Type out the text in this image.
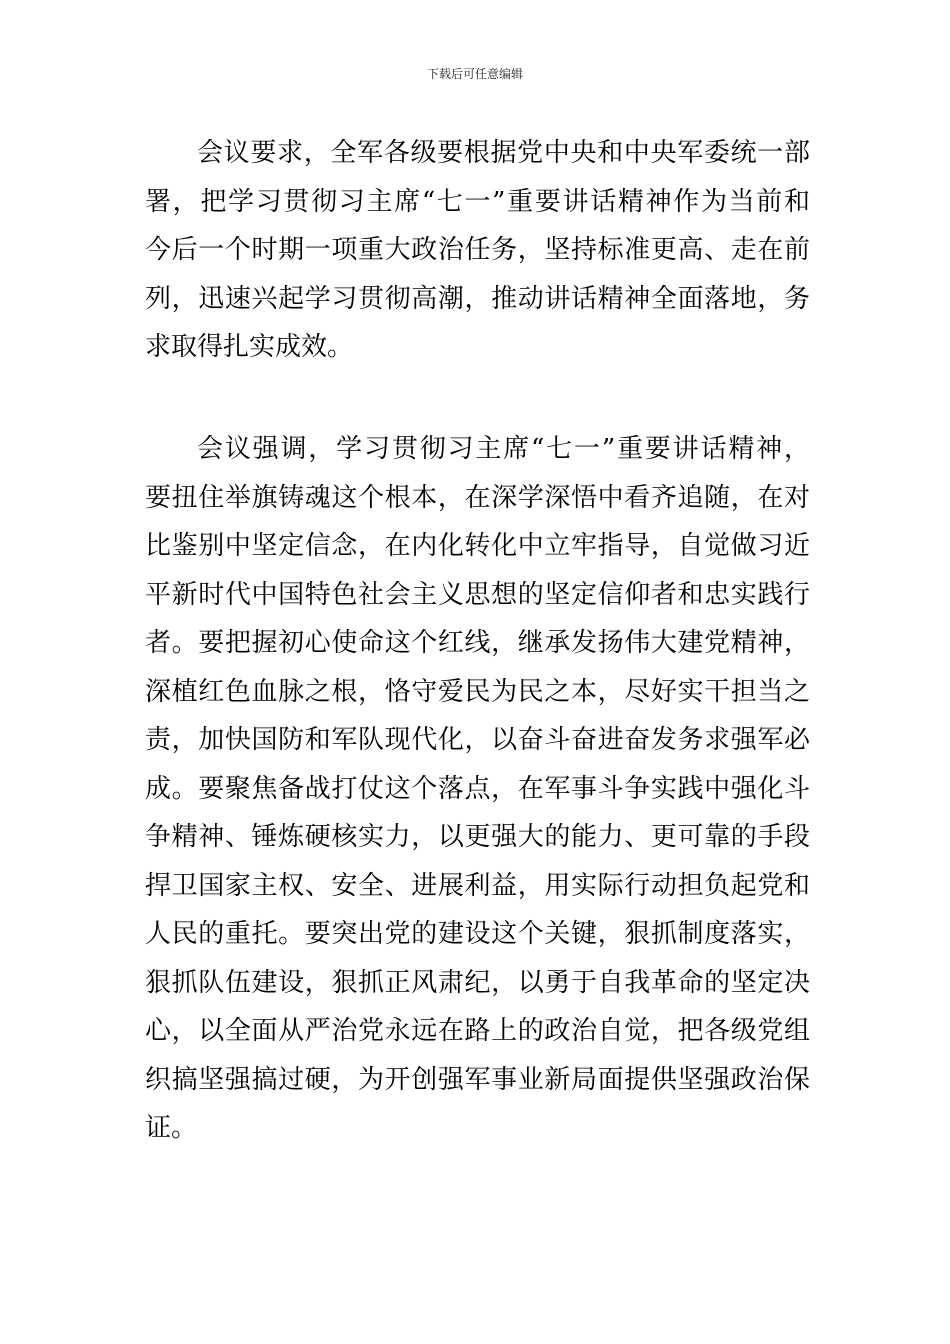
下载后可任意编辑
会议要求，全军各级要根据党中央和中央军委统一部
署，把学习贯彻习主席“七一”重要讲话精神作为当前和
今后一个时期一项重大政治任务，坚持标准更高、走在前
列，迅速兴起学习贯彻高潮，推动讲话精神全面落地，务
求取得扎实成效。
会议强调，学习贯彻习主席“七一”重要讲话精神，
要扭住举旗铸魂这个根本，在深学深悟中看齐追随，在对
比鉴别中坚定信念，在内化转化中立牢指导，自觉做习近
平新时代中国特色社会主义思想的坚定信仰者和忠实践行
者。要把握初心使命这个红线，继承发扬伟大建党精神，
深植红色血脉之根，恪守爱民为民之本，尽好实干担当之
责，加快国防和军队现代化，以奋斗奋进奋发务求强军必
成。要聚焦备战打仗这个落点，在军事斗争实践中强化斗
争精神、锤炼硬核实力，以更强大的能力、更可靠的手段
捍卫国家主权、安全、进展利益，用实际行动担负起党和
人民的重托。要突出党的建设这个关键，狠抓制度落实，
狠抓队伍建设，狠抓正风肃纪，以勇于自我革命的坚定决
心，以全面从严治党永远在路上的政治自觉，把各级党组
织搞坚强搞过硬，为开创强军事业新局面提供坚强政治保
证。
